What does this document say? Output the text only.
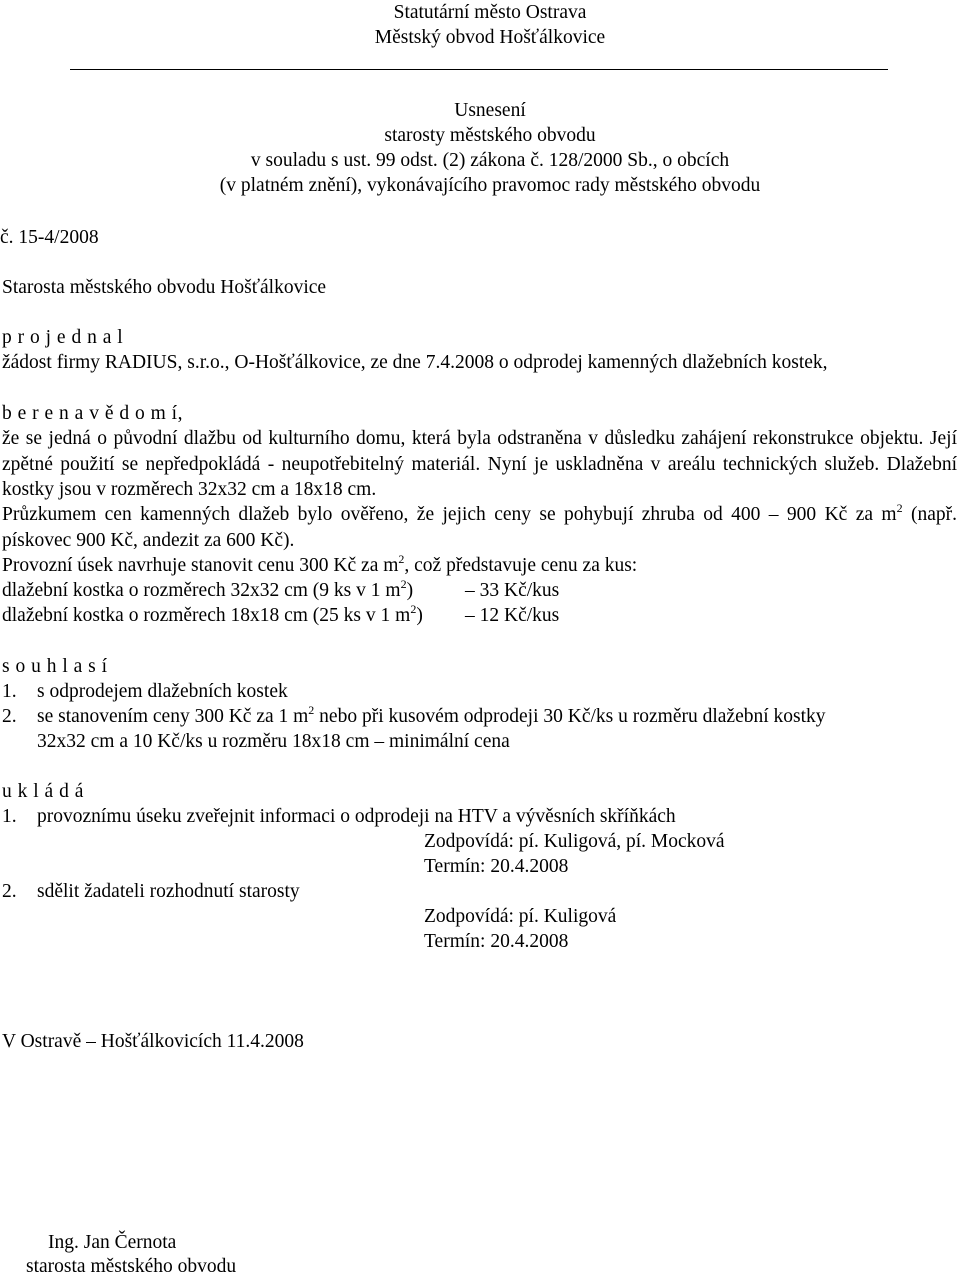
Statutární město Ostrava
Městský obvod Hošťálkovice
Usnesení
starosty městského obvodu
v souladu s ust. 99 odst. (2) zákona č. 128/2000 Sb., o obcích
(v platném znění), vykonávajícího pravomoc rady městského obvodu
č. 15-4/2008
Starosta městského obvodu Hošťálkovice
p r o j e d n a l
žádost firmy RADIUS, s.r.o., O-Hošťálkovice, ze dne 7.4.2008 o odprodej kamenných dlažebních kostek,
b e r e n a v ě d o m í,
že se jedná o původní dlažbu od kulturního domu, která byla odstraněna v důsledku zahájení rekonstrukce objektu. Její zpětné použití se nepředpokládá - neupotřebitelný materiál. Nyní je uskladněna v areálu technických služeb. Dlažební kostky jsou v rozměrech 32x32 cm a 18x18 cm.
Průzkumem cen kamenných dlažeb bylo ověřeno, že jejich ceny se pohybují zhruba od 400 – 900 Kč za $m^2$ (např. pískovec 900 Kč, andezit za 600 Kč).
Provozní úsek navrhuje stanovit cenu 300 Kč za $m^2$, což představuje cenu za kus:
dlažební kostka o rozměrech 32x32 cm (9 ks v 1 $m^2$)	– 33 Kč/kus
dlažební kostka o rozměrech 18x18 cm (25 ks v 1 $m^2) - 12$ Kč/kus
s o u h l a s í
1. s odprodejem dlažebních kostek
2. se stanovením ceny 300 Kč za 1 $m^2$ nebo při kusovém odprodeji 30 Kč/ks u rozměru dlažební kostky
32x32 cm a 10 Kč/ks u rozměru 18x18 cm – minimální cena
u k l á d á
1. provoznímu úseku zveřejnit informaci o odprodeji na HTV a vývěsních skříňkách
Zodpovídá: pí. Kuligová, pí. Mocková
Termín: 20.4.2008
2. sdělit žadateli rozhodnutí starosty
Zodpovídá: pí. Kuligová
Termín: 20.4.2008
V Ostravě – Hošťálkovicích 11.4.2008
Ing. Jan Černota
starosta městského obvodu
